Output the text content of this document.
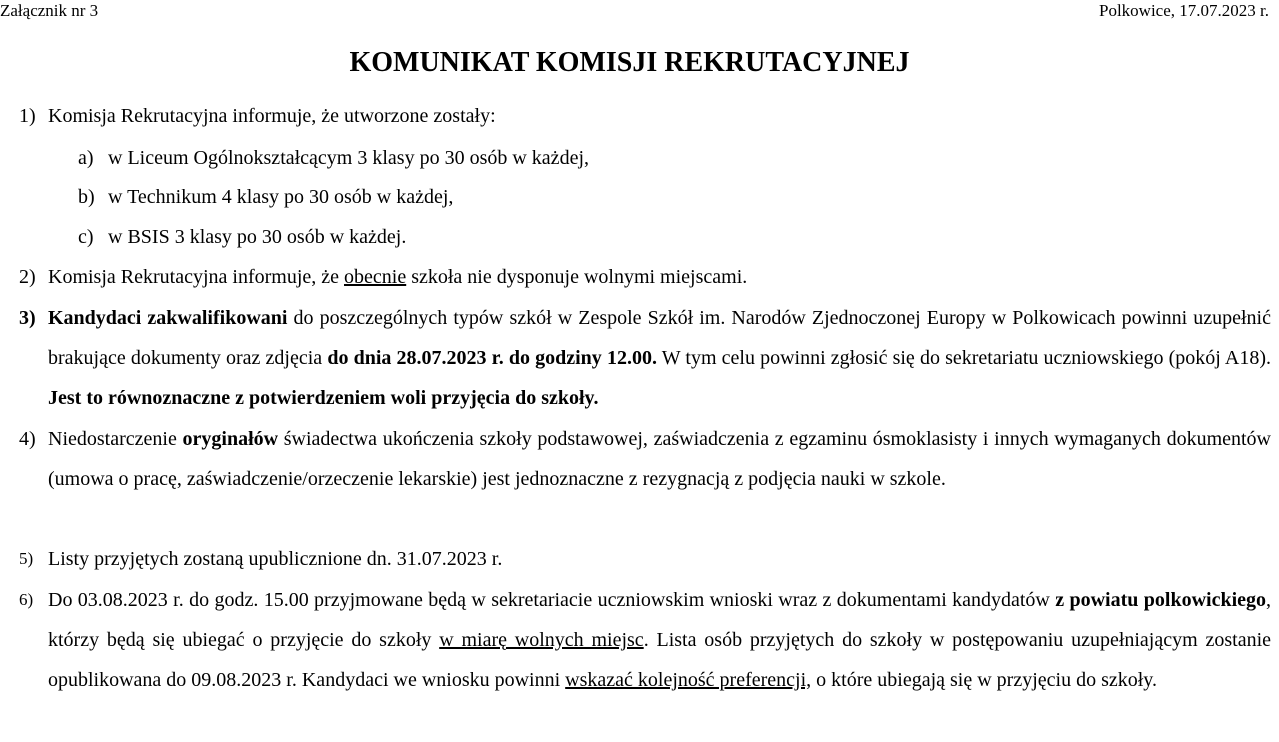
Załącznik nr 3	Polkowice, 17.07.2023 r.
KOMUNIKAT KOMISJI REKRUTACYJNEJ
1) Komisja Rekrutacyjna informuje, że utworzone zostały:
a) w Liceum Ogólnokształcącym 3 klasy po 30 osób w każdej,
b) w Technikum 4 klasy po 30 osób w każdej,
c) w BSIS 3 klasy po 30 osób w każdej.
2) Komisja Rekrutacyjna informuje, że obecnie szkoła nie dysponuje wolnymi miejscami.
3) Kandydaci zakwalifikowani do poszczególnych typów szkół w Zespole Szkół im. Narodów Zjednoczonej Europy w Polkowicach powinni uzupełnić brakujące dokumenty oraz zdjęcia do dnia 28.07.2023 r. do godziny 12.00. W tym celu powinni zgłosić się do sekretariatu uczniowskiego (pokój A18). Jest to równoznaczne z potwierdzeniem woli przyjęcia do szkoły.
4) Niedostarczenie oryginałów świadectwa ukończenia szkoły podstawowej, zaświadczenia z egzaminu ósmoklasisty i innych wymaganych dokumentów (umowa o pracę, zaświadczenie/orzeczenie lekarskie) jest jednoznaczne z rezygnacją z podjęcia nauki w szkole.
5) Listy przyjętych zostaną upublicznione dn. 31.07.2023 r.
6) Do 03.08.2023 r. do godz. 15.00 przyjmowane będą w sekretariacie uczniowskim wnioski wraz z dokumentami kandydatów z powiatu polkowickiego, którzy będą się ubiegać o przyjęcie do szkoły w miarę wolnych miejsc. Lista osób przyjętych do szkoły w postępowaniu uzupełniającym zostanie opublikowana do 09.08.2023 r. Kandydaci we wniosku powinni wskazać kolejność preferencji, o które ubiegają się w przyjęciu do szkoły.
